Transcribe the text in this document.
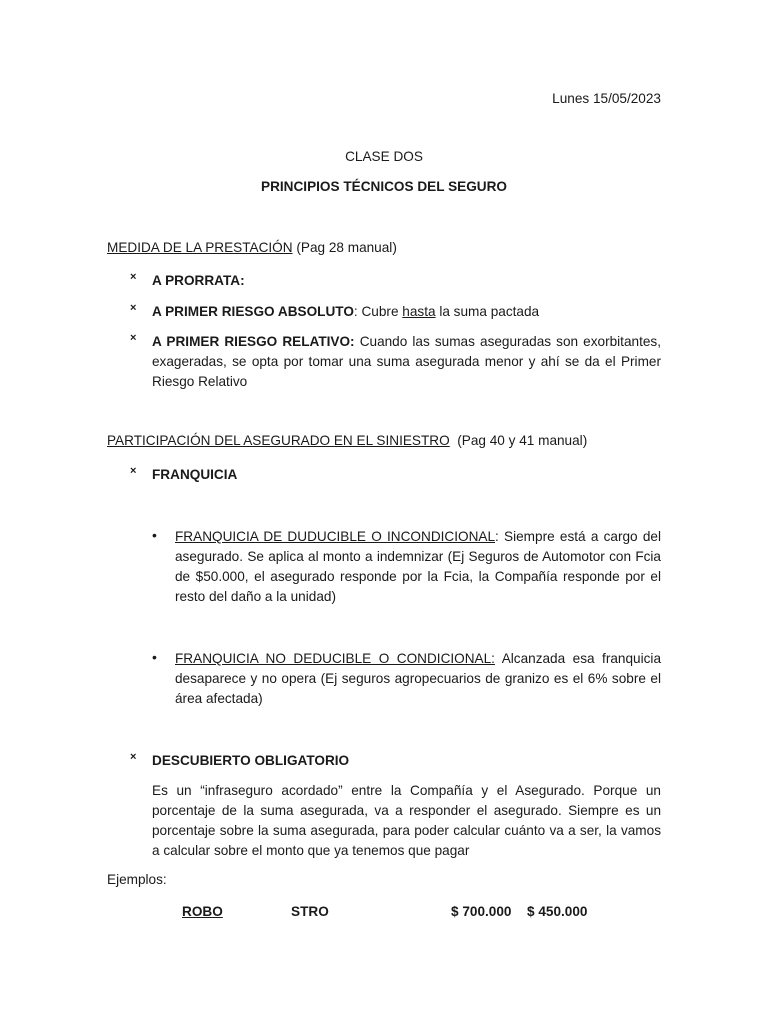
Lunes 15/05/2023
CLASE DOS
PRINCIPIOS TÉCNICOS DEL SEGURO
MEDIDA DE LA PRESTACIÓN (Pag 28 manual)
× A PRORRATA:
× A PRIMER RIESGO ABSOLUTO: Cubre hasta la suma pactada
× A PRIMER RIESGO RELATIVO: Cuando las sumas aseguradas son exorbitantes, exageradas, se opta por tomar una suma asegurada menor y ahí se da el Primer Riesgo Relativo
PARTICIPACIÓN DEL ASEGURADO EN EL SINIESTRO  (Pag 40 y 41 manual)
× FRANQUICIA
• FRANQUICIA DE DUDUCIBLE O INCONDICIONAL: Siempre está a cargo del asegurado. Se aplica al monto a indemnizar (Ej Seguros de Automotor con Fcia de $50.000, el asegurado responde por la Fcia, la Compañía responde por el resto del daño a la unidad)
• FRANQUICIA NO DEDUCIBLE O CONDICIONAL: Alcanzada esa franquicia desaparece y no opera (Ej seguros agropecuarios de granizo es el 6% sobre el área afectada)
× DESCUBIERTO OBLIGATORIO
Es un “infraseguro acordado” entre la Compañía y el Asegurado. Porque un porcentaje de la suma asegurada, va a responder el asegurado. Siempre es un porcentaje sobre la suma asegurada, para poder calcular cuánto va a ser, la vamos a calcular sobre el monto que ya tenemos que pagar
Ejemplos:
ROBO	STRO	$ 700.000 $ 450.000
